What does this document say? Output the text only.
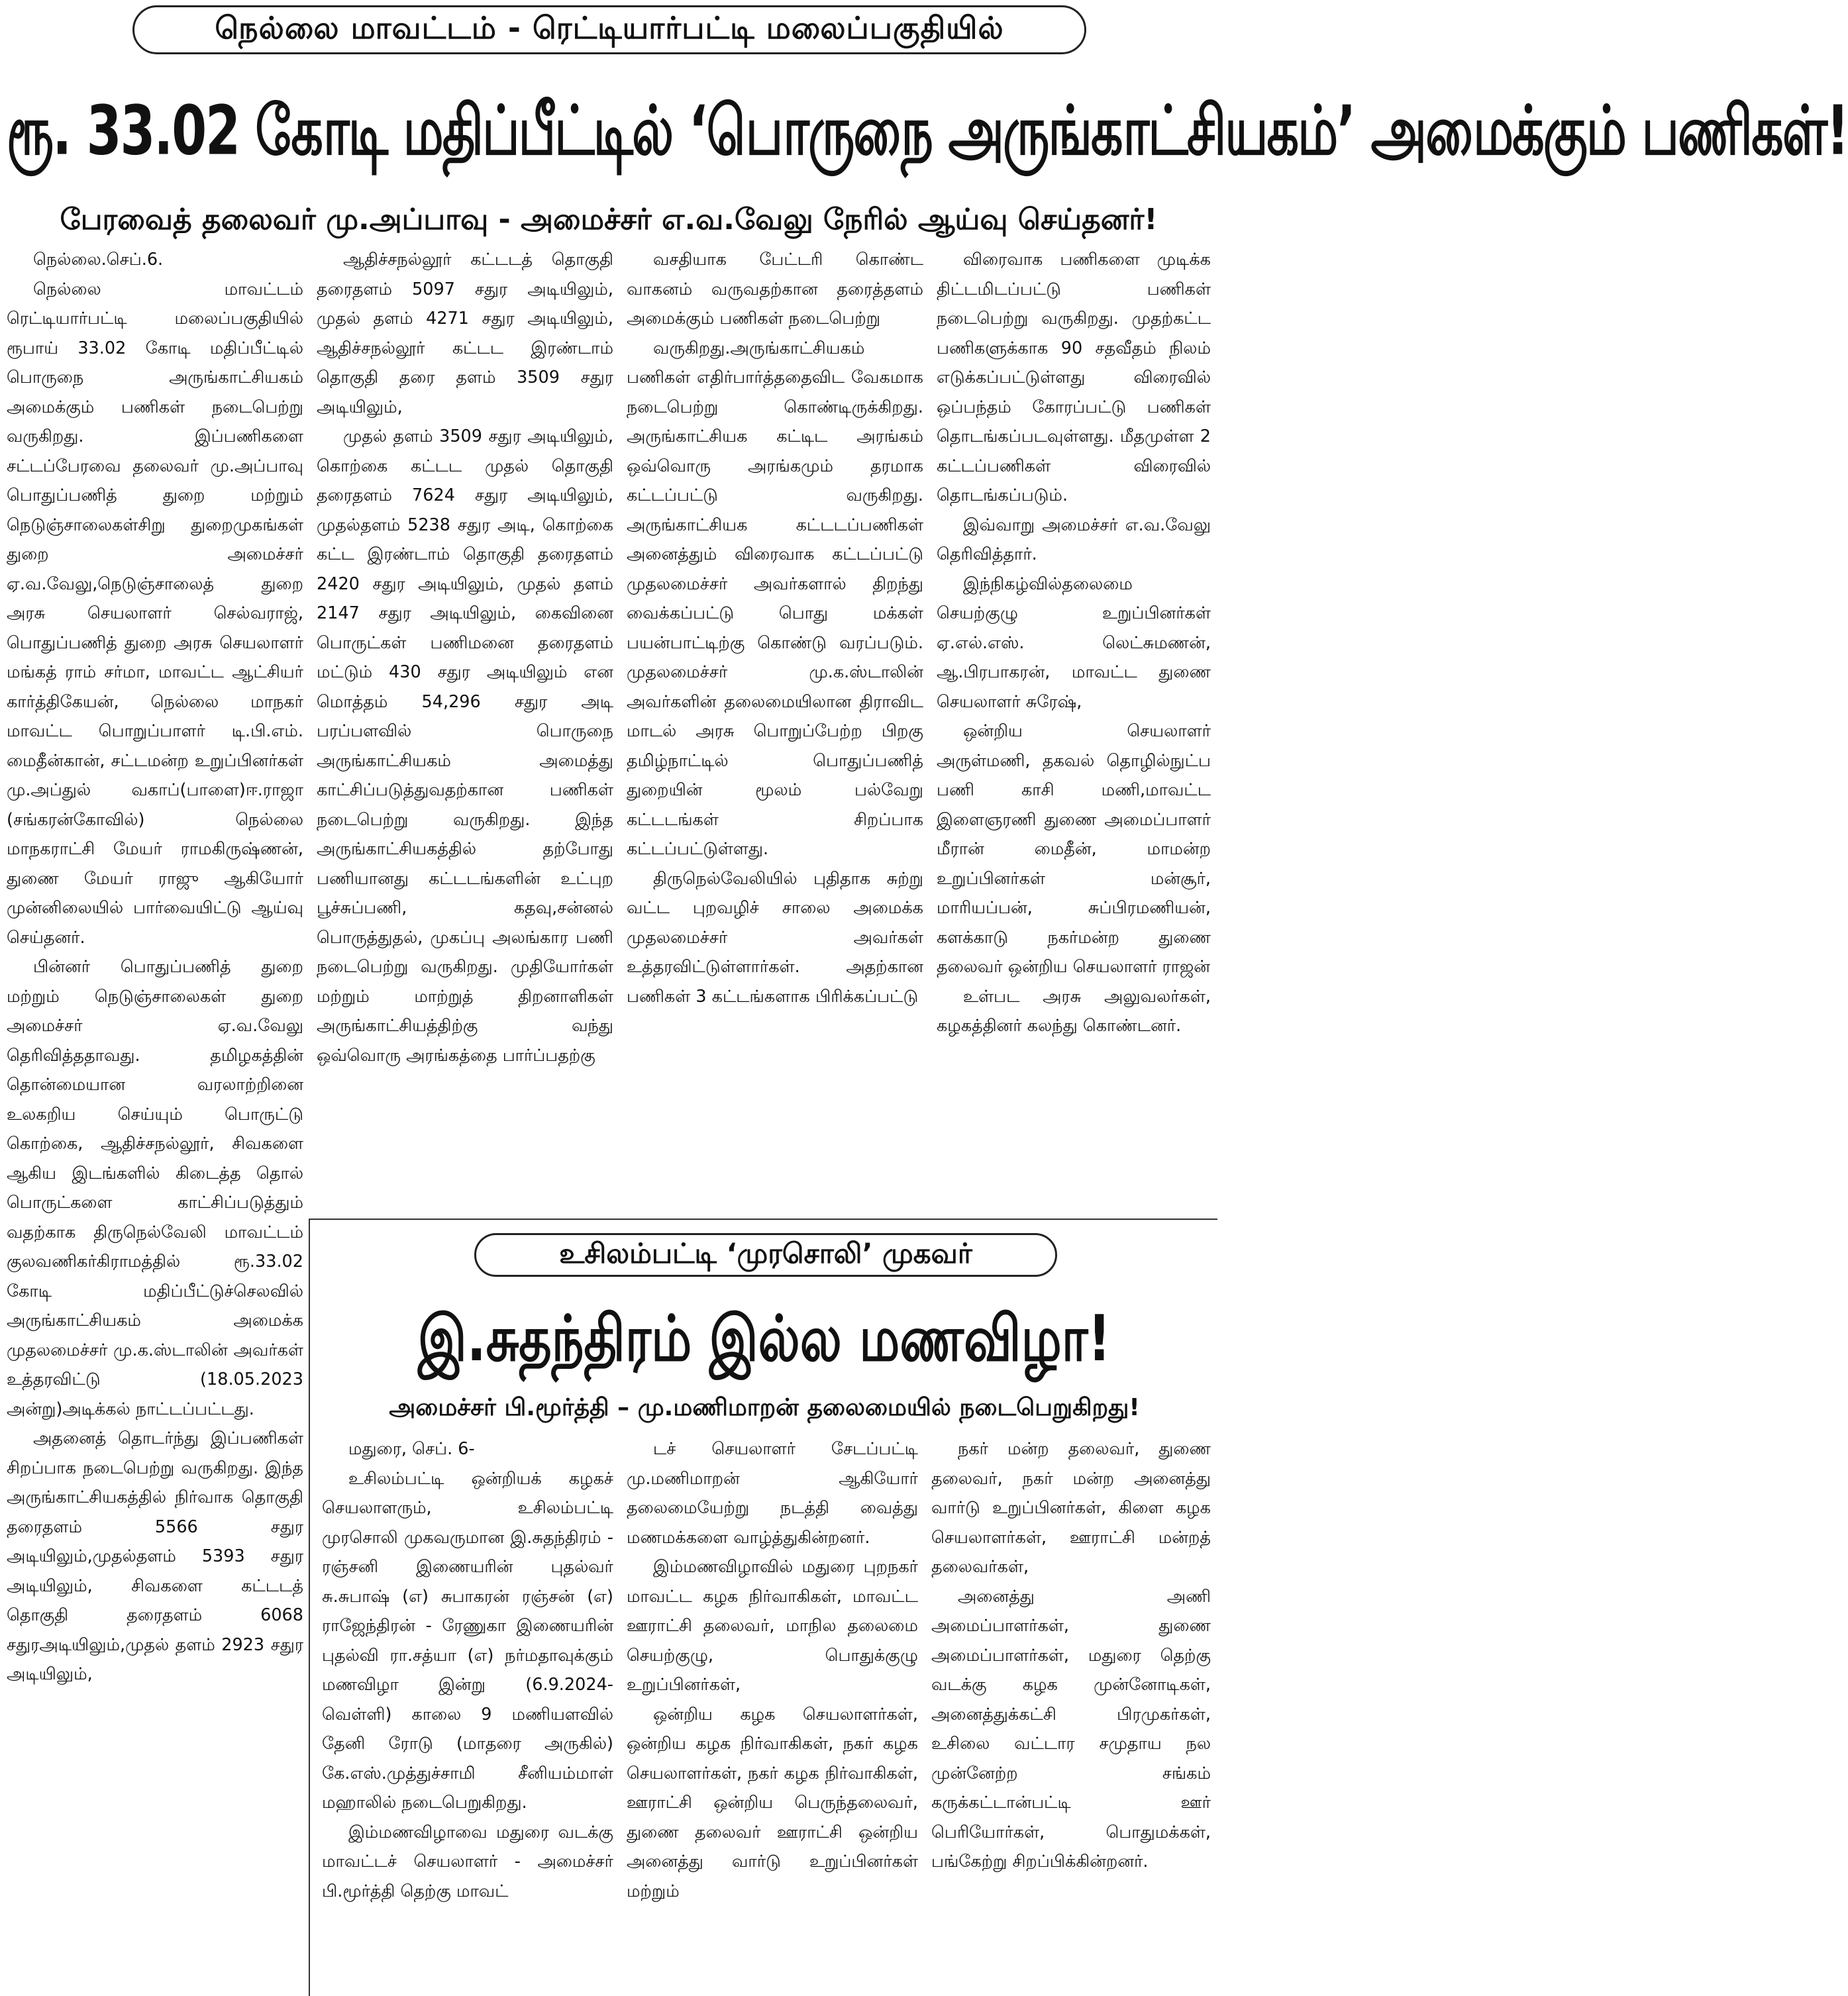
நெல்லை மாவட்டம் - ரெட்டியார்பட்டி மலைப்பகுதியில்
ரூ. 33.02 கோடி மதிப்பீட்டில் ‘பொருநை அருங்காட்சியகம்’ அமைக்கும் பணிகள்!
பேரவைத் தலைவர் மு.அப்பாவு - அமைச்சர் எ.வ.வேலு நேரில் ஆய்வு செய்தனர்!

நெல்லை.செப்.6.

நெல்லை மாவட்டம் ரெட்டியார்பட்டி மலைப்பகுதியில் ரூபாய் 33.02 கோடி மதிப்பீட்டில் பொருநை அருங்காட்சியகம் அமைக்கும் பணிகள் நடைபெற்று வருகிறது. இப்பணிகளை சட்டப்பேரவை தலைவர் மு.அப்பாவு பொதுப்பணித் துறை மற்றும் நெடுஞ்சாலைகள்சிறு துறைமுகங்கள் துறை அமைச்சர் ஏ.வ.வேலு,நெடுஞ்சாலைத் துறை அரசு செயலாளர் செல்வராஜ், பொதுப்பணித் துறை அரசு செயலாளர் மங்கத் ராம் சர்மா, மாவட்ட ஆட்சியர் கார்த்திகேயன், நெல்லை மாநகர் மாவட்ட பொறுப்பாளர் டி.பி.எம். மைதீன்கான், சட்டமன்ற உறுப்பினர்கள் மு.அப்துல் வகாப்(பாளை)ஈ.ராஜா (சங்கரன்கோவில்) நெல்லை மாநகராட்சி மேயர் ராமகிருஷ்ணன், துணை மேயர் ராஜு ஆகியோர் முன்னிலையில் பார்வையிட்டு ஆய்வு செய்தனர்.

பின்னர் பொதுப்பணித் துறை மற்றும் நெடுஞ்சாலைகள் துறை அமைச்சர் ஏ.வ.வேலு தெரிவித்ததாவது. தமிழகத்தின் தொன்மையான வரலாற்றினை உலகறிய செய்யும் பொருட்டு கொற்கை, ஆதிச்சநல்லூர், சிவகளை ஆகிய இடங்களில் கிடைத்த தொல் பொருட்களை காட்சிப்படுத்தும் வதற்காக திருநெல்வேலி மாவட்டம் குலவணிகர்கிராமத்தில் ரூ.33.02 கோடி மதிப்பீட்டுச்செலவில் அருங்காட்சியகம் அமைக்க முதலமைச்சர் மு.க.ஸ்டாலின் அவர்கள் உத்தரவிட்டு (18.05.2023 அன்று)அடிக்கல் நாட்டப்பட்டது.

அதனைத் தொடர்ந்து இப்பணிகள் சிறப்பாக நடைபெற்று வருகிறது. இந்த அருங்காட்சியகத்தில் நிர்வாக தொகுதி தரைதளம் 5566 சதுர அடியிலும்,முதல்தளம் 5393 சதுர அடியிலும், சிவகளை கட்டடத் தொகுதி தரைதளம் 6068 சதுரஅடியிலும்,முதல் தளம் 2923 சதுர அடியிலும்,

ஆதிச்சநல்லூர் கட்டடத் தொகுதி தரைதளம் 5097 சதுர அடியிலும், முதல் தளம் 4271 சதுர அடியிலும், ஆதிச்சநல்லூர் கட்டட இரண்டாம் தொகுதி தரை தளம் 3509 சதுர அடியிலும்,

முதல் தளம் 3509 சதுர அடியிலும், கொற்கை கட்டட முதல் தொகுதி தரைதளம் 7624 சதுர அடியிலும், முதல்தளம் 5238 சதுர அடி, கொற்கை கட்ட இரண்டாம் தொகுதி தரைதளம் 2420 சதுர அடியிலும், முதல் தளம் 2147 சதுர அடியிலும், கைவினை பொருட்கள் பணிமனை தரைதளம் மட்டும் 430 சதுர அடியிலும் என மொத்தம் 54,296 சதுர அடி பரப்பளவில் பொருநை அருங்காட்சியகம் அமைத்து காட்சிப்படுத்துவதற்கான பணிகள் நடைபெற்று வருகிறது. இந்த அருங்காட்சியகத்தில் தற்போது பணியானது கட்டடங்களின் உட்புற பூச்சுப்பணி, கதவு,சன்னல் பொருத்துதல், முகப்பு அலங்கார பணி நடைபெற்று வருகிறது. முதியோர்கள் மற்றும் மாற்றுத் திறனாளிகள் அருங்காட்சியத்திற்கு வந்து ஒவ்வொரு அரங்கத்தை பார்ப்பதற்கு

வசதியாக பேட்டரி கொண்ட வாகனம் வருவதற்கான தரைத்தளம் அமைக்கும் பணிகள் நடைபெற்று

வருகிறது.அருங்காட்சியகம் பணிகள் எதிர்பார்த்ததைவிட வேகமாக நடைபெற்று கொண்டிருக்கிறது. அருங்காட்சியக கட்டிட அரங்கம் ஒவ்வொரு அரங்கமும் தரமாக கட்டப்பட்டு வருகிறது. அருங்காட்சியக கட்டடப்பணிகள் அனைத்தும் விரைவாக கட்டப்பட்டு முதலமைச்சர் அவர்களால் திறந்து வைக்கப்பட்டு பொது மக்கள் பயன்பாட்டிற்கு கொண்டு வரப்படும். முதலமைச்சர் மு.க.ஸ்டாலின் அவர்களின் தலைமையிலான திராவிட மாடல் அரசு பொறுப்பேற்ற பிறகு தமிழ்நாட்டில் பொதுப்பணித் துறையின் மூலம் பல்வேறு கட்டடங்கள் சிறப்பாக கட்டப்பட்டுள்ளது.

திருநெல்வேலியில் புதிதாக சுற்று வட்ட புறவழிச் சாலை அமைக்க முதலமைச்சர் அவர்கள் உத்தரவிட்டுள்ளார்கள். அதற்கான பணிகள் 3 கட்டங்களாக பிரிக்கப்பட்டு

விரைவாக பணிகளை முடிக்க திட்டமிடப்பட்டு பணிகள் நடைபெற்று வருகிறது. முதற்கட்ட பணிகளுக்காக 90 சதவீதம் நிலம் எடுக்கப்பட்டுள்ளது விரைவில் ஒப்பந்தம் கோரப்பட்டு பணிகள் தொடங்கப்படவுள்ளது. மீதமுள்ள 2 கட்டப்பணிகள் விரைவில் தொடங்கப்படும்.

இவ்வாறு அமைச்சர் எ.வ.வேலு தெரிவித்தார்.

இந்நிகழ்வில்தலைமை செயற்குழு உறுப்பினர்கள் ஏ.எல்.எஸ். லெட்சுமணன், ஆ.பிரபாகரன், மாவட்ட துணை செயலாளர் சுரேஷ்,

ஒன்றிய செயலாளர் அருள்மணி, தகவல் தொழில்நுட்ப பணி காசி மணி,மாவட்ட இளைஞரணி துணை அமைப்பாளர் மீரான் மைதீன், மாமன்ற உறுப்பினர்கள் மன்சூர், மாரியப்பன், சுப்பிரமணியன், களக்காடு நகர்மன்ற துணை தலைவர் ஒன்றிய செயலாளர் ராஜன்

உள்பட அரசு அலுவலர்கள், கழகத்தினர் கலந்து கொண்டனர்.

உசிலம்பட்டி ‘முரசொலி’ முகவர்
இ.சுதந்திரம் இல்ல மணவிழா!
அமைச்சர் பி.மூர்த்தி – மு.மணிமாறன் தலைமையில் நடைபெறுகிறது!

மதுரை, செப். 6-

உசிலம்பட்டி ஒன்றியக் கழகச் செயலாளரும், உசிலம்பட்டி முரசொலி முகவருமான இ.சுதந்திரம் - ரஞ்சனி இணையரின் புதல்வர் சு.சுபாஷ் (எ) சுபாகரன் ரஞ்சன் (எ) ராஜேந்திரன் - ரேணுகா இணையரின் புதல்வி ரா.சத்யா (எ) நர்மதாவுக்கும் மணவிழா இன்று (6.9.2024- வெள்ளி) காலை 9 மணியளவில் தேனி ரோடு (மாதரை அருகில்) கே.எஸ்.முத்துச்சாமி சீனியம்மாள் மஹாலில் நடைபெறுகிறது.

இம்மணவிழாவை மதுரை வடக்கு மாவட்டச் செயலாளர் - அமைச்சர் பி.மூர்த்தி தெற்கு மாவட்

டச் செயலாளர் சேடப்பட்டி மு.மணிமாறன் ஆகியோர் தலைமையேற்று நடத்தி வைத்து மணமக்களை வாழ்த்துகின்றனர்.

இம்மணவிழாவில் மதுரை புறநகர் மாவட்ட கழக நிர்வாகிகள், மாவட்ட ஊராட்சி தலைவர், மாநில தலைமை செயற்குழு, பொதுக்குழு உறுப்பினர்கள்,

ஒன்றிய கழக செயலாளர்கள், ஒன்றிய கழக நிர்வாகிகள், நகர் கழக செயலாளர்கள், நகர் கழக நிர்வாகிகள், ஊராட்சி ஒன்றிய பெருந்தலைவர், துணை தலைவர் ஊராட்சி ஒன்றிய அனைத்து வார்டு உறுப்பினர்கள் மற்றும்

நகர் மன்ற தலைவர், துணை தலைவர், நகர் மன்ற அனைத்து வார்டு உறுப்பினர்கள், கிளை கழக செயலாளர்கள், ஊராட்சி மன்றத் தலைவர்கள்,

அனைத்து அணி அமைப்பாளர்கள், துணை அமைப்பாளர்கள், மதுரை தெற்கு வடக்கு கழக முன்னோடிகள், அனைத்துக்கட்சி பிரமுகர்கள், உசிலை வட்டார சமுதாய நல முன்னேற்ற சங்கம் கருக்கட்டான்பட்டி ஊர் பெரியோர்கள், பொதுமக்கள், பங்கேற்று சிறப்பிக்கின்றனர்.
